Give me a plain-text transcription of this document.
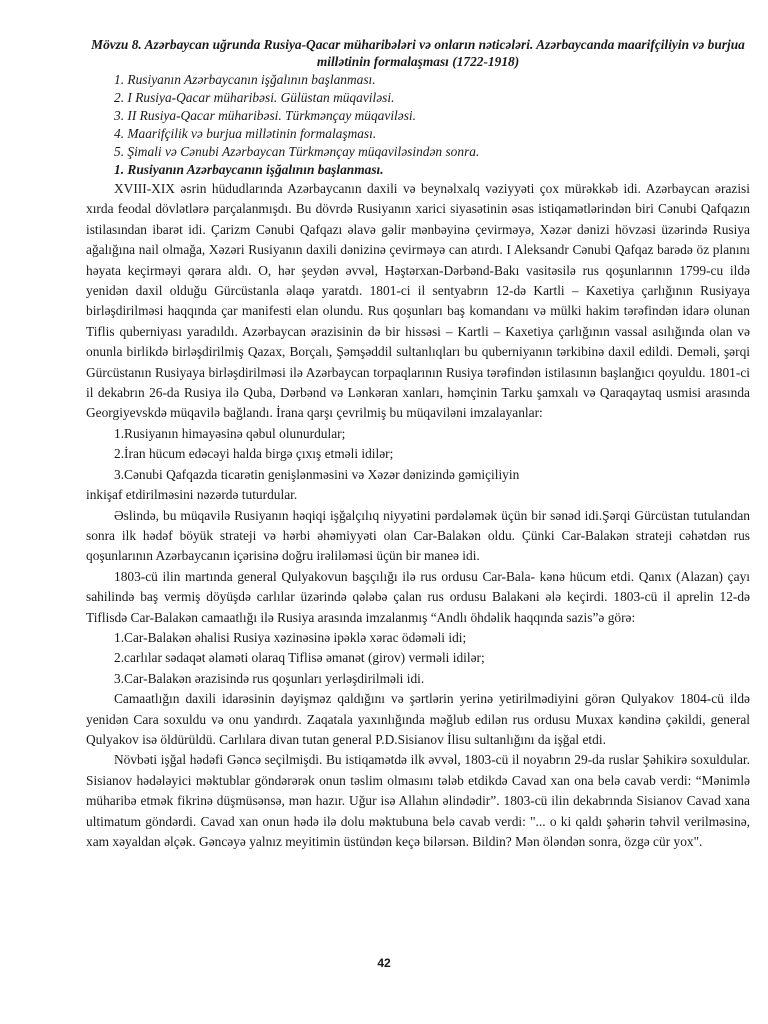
Mövzu 8. Azərbaycan uğrunda Rusiya-Qacar müharibələri və onların nəticələri. Azərbaycanda maarifçiliyin və burjua millətinin formalaşması (1722-1918)

1. Rusiyanın Azərbaycanın işğalının başlanması.
2. I Rusiya-Qacar müharibəsi. Gülüstan müqaviləsi.
3. II Rusiya-Qacar müharibəsi. Türkmənçay müqaviləsi.
4. Maarifçilik və burjua millətinin formalaşması.
5. Şimali və Cənubi Azərbaycan Türkmənçay müqaviləsindən sonra.

1. Rusiyanın Azərbaycanın işğalının başlanması.

XVIII-XIX əsrin hüdudlarında Azərbaycanın daxili və beynəlxalq vəziyyəti çox mürəkkəb idi. Azərbaycan ərazisi xırda feodal dövlətlərə parçalanmışdı. Bu dövrdə Rusiyanın xarici siyasətinin əsas istiqamətlərindən biri Cənubi Qafqazın istilasından ibarət idi. Çarizm Cənubi Qafqazı əlavə gəlir mənbəyinə çevirməyə, Xəzər dənizi hövzəsi üzərində Rusiya ağalığına nail olmağa, Xəzəri Rusiyanın daxili dənizinə çevirməyə can atırdı. I Aleksandr Cənubi Qafqaz barədə öz planını həyata keçirməyi qərara aldı. O, hər şeydən əvvəl, Həştərxan-Dərbənd-Bakı vasitəsilə rus qoşunlarının 1799-cu ildə yenidən daxil olduğu Gürcüstanla əlaqə yaratdı. 1801-ci il sentyabrın 12-də Kartli – Kaxetiya çarlığının Rusiyaya birləşdirilməsi haqqında çar manifesti elan olundu. Rus qoşunları baş komandanı və mülki hakim tərəfindən idarə olunan Tiflis quberniyası yaradıldı. Azərbaycan ərazisinin də bir hissəsi – Kartli – Kaxetiya çarlığının vassal asılığında olan və onunla birlikdə birləşdirilmiş Qazax, Borçalı, Şəmşəddil sultanlıqları bu quberniyanın tərkibinə daxil edildi. Deməli, şərqi Gürcüstanın Rusiyaya birləşdirilməsi ilə Azərbaycan torpaqlarının Rusiya tərəfindən istilasının başlanğıcı qoyuldu. 1801-ci il dekabrın 26-da Rusiya ilə Quba, Dərbənd və Lənkəran xanları, həmçinin Tarku şamxalı və Qaraqaytaq usmisi arasında Georgiyevskdə müqavilə bağlandı. İrana qarşı çevrilmiş bu müqaviləni imzalayanlar:

1.Rusiyanın himayəsinə qəbul olunurdular;

2.İran hücum edəcəyi halda birgə çıxış etməli idilər;

3.Cənubi Qafqazda ticarətin genişlənməsini və Xəzər dənizində gəmiçiliyin

inkişaf etdirilməsini nəzərdə tuturdular.

Əslində, bu müqavilə Rusiyanın həqiqi işğalçılıq niyyətini pərdələmək üçün bir sənəd idi.Şərqi Gürcüstan tutulandan sonra ilk hədəf böyük strateji və hərbi əhəmiyyəti olan Car-Balakən oldu. Çünki Car-Balakən strateji cəhətdən rus qoşunlarının Azərbaycanın içərisinə doğru irəliləməsi üçün bir maneə idi.

1803-cü ilin martında general Qulyakovun başçılığı ilə rus ordusu Car-Bala- kənə hücum etdi. Qanıx (Alazan) çayı sahilində baş vermiş döyüşdə carlılar üzərində qələbə çalan rus ordusu Balakəni ələ keçirdi. 1803-cü il aprelin 12-də Tiflisdə Car-Balakən camaatlığı ilə Rusiya arasında imzalanmış “Andlı öhdəlik haqqında sazis”ə görə:

1.Car-Balakən əhalisi Rusiya xəzinəsinə ipəklə xərac ödəməli idi;

2.carlılar sədaqət əlaməti olaraq Tiflisə əmanət (girov) verməli idilər;

3.Car-Balakən ərazisində rus qoşunları yerləşdirilməli idi.

Camaatlığın daxili idarəsinin dəyişməz qaldığını və şərtlərin yerinə yetirilmədiyini görən Qulyakov 1804-cü ildə yenidən Cara soxuldu və onu yandırdı. Zaqatala yaxınlığında məğlub edilən rus ordusu Muxax kəndinə çəkildi, general Qulyakov isə öldürüldü. Carlılara divan tutan general P.D.Sisianov İlisu sultanlığını da işğal etdi.

Növbəti işğal hədəfi Gəncə seçilmişdi. Bu istiqamətdə ilk əvvəl, 1803-cü il noyabrın 29-da ruslar Şəhikirə soxuldular. Sisianov hədələyici məktublar göndərərək onun təslim olmasını tələb etdikdə Cavad xan ona belə cavab verdi: “Mənimlə müharibə etmək fikrinə düşmüsənsə, mən hazır. Uğur isə Allahın əlindədir”. 1803-cü ilin dekabrında Sisianov Cavad xana ultimatum göndərdi. Cavad xan onun hədə ilə dolu məktubuna belə cavab verdi: "... o ki qaldı şəhərin təhvil verilməsinə, xam xəyaldan əlçək. Gəncəyə yalnız meyitimin üstündən keçə bilərsən. Bildin? Mən öləndən sonra, özgə cür yox".

42
